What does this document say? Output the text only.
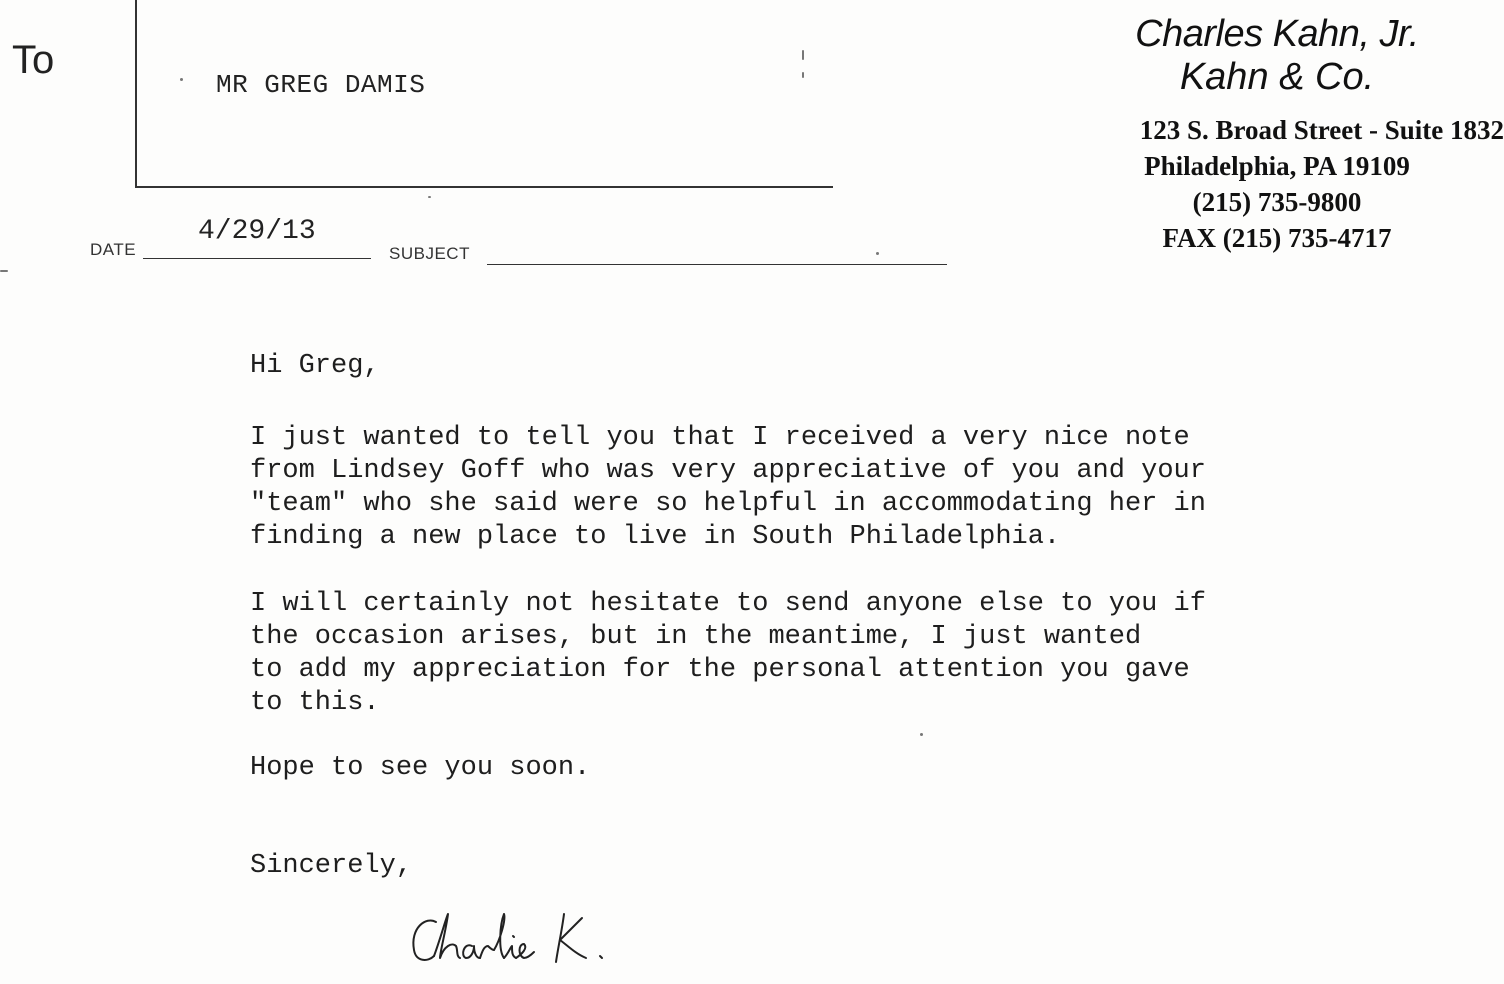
To
MR GREG DAMIS
DATE
4/29/13
SUBJECT
Charles Kahn, Jr.
Kahn & Co.
123 S. Broad Street - Suite 1832
Philadelphia, PA 19109
(215) 735-9800
FAX (215) 735-4717

Hi Greg,

I just wanted to tell you that I received a very nice note

from Lindsey Goff who was very appreciative of you and your

"team" who she said were so helpful in accommodating her in

finding a new place to live in South Philadelphia.

I will certainly not hesitate to send anyone else to you if

the occasion arises, but in the meantime, I just wanted

to add my appreciation for the personal attention you gave

to this.

Hope to see you soon.

Sincerely,
